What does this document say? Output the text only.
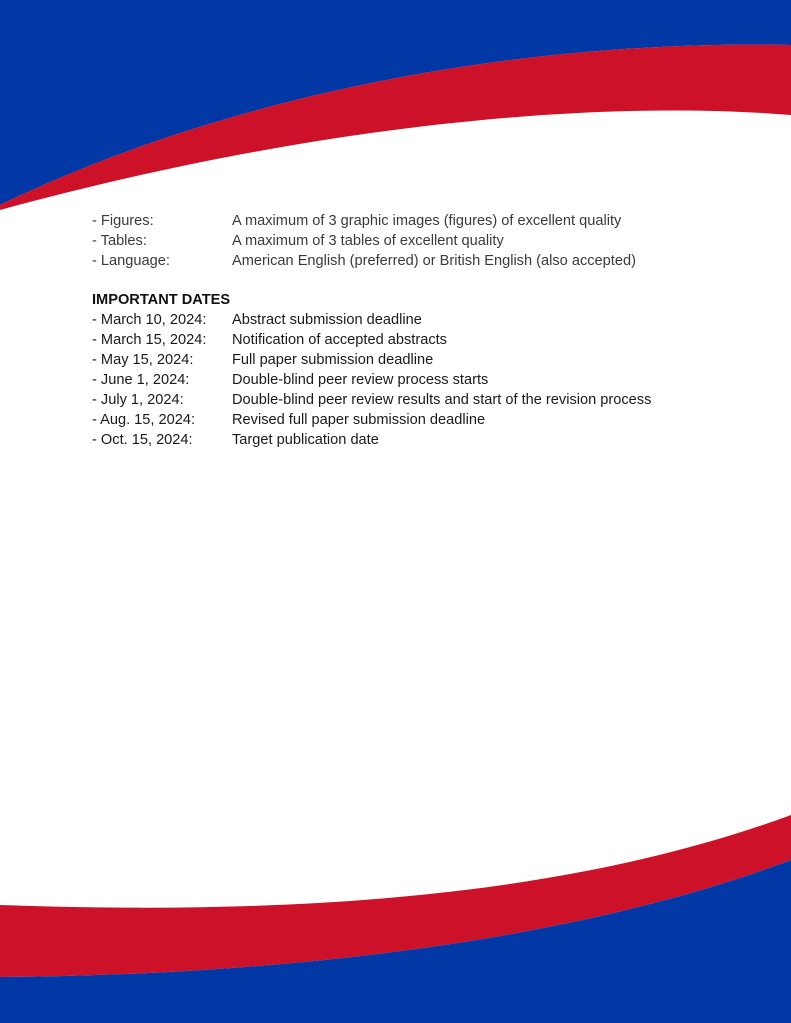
- Figures:	A maximum of 3 graphic images (figures) of excellent quality
- Tables:	A maximum of 3 tables of excellent quality
- Language:	American English (preferred) or British English (also accepted)
IMPORTANT DATES
- March 10, 2024:	Abstract submission deadline
- March 15, 2024:	Notification of accepted abstracts
- May 15, 2024:	Full paper submission deadline
- June 1, 2024:	Double-blind peer review process starts
- July 1, 2024:	Double-blind peer review results and start of the revision process
- Aug. 15, 2024:	Revised full paper submission deadline
- Oct. 15, 2024:	Target publication date
